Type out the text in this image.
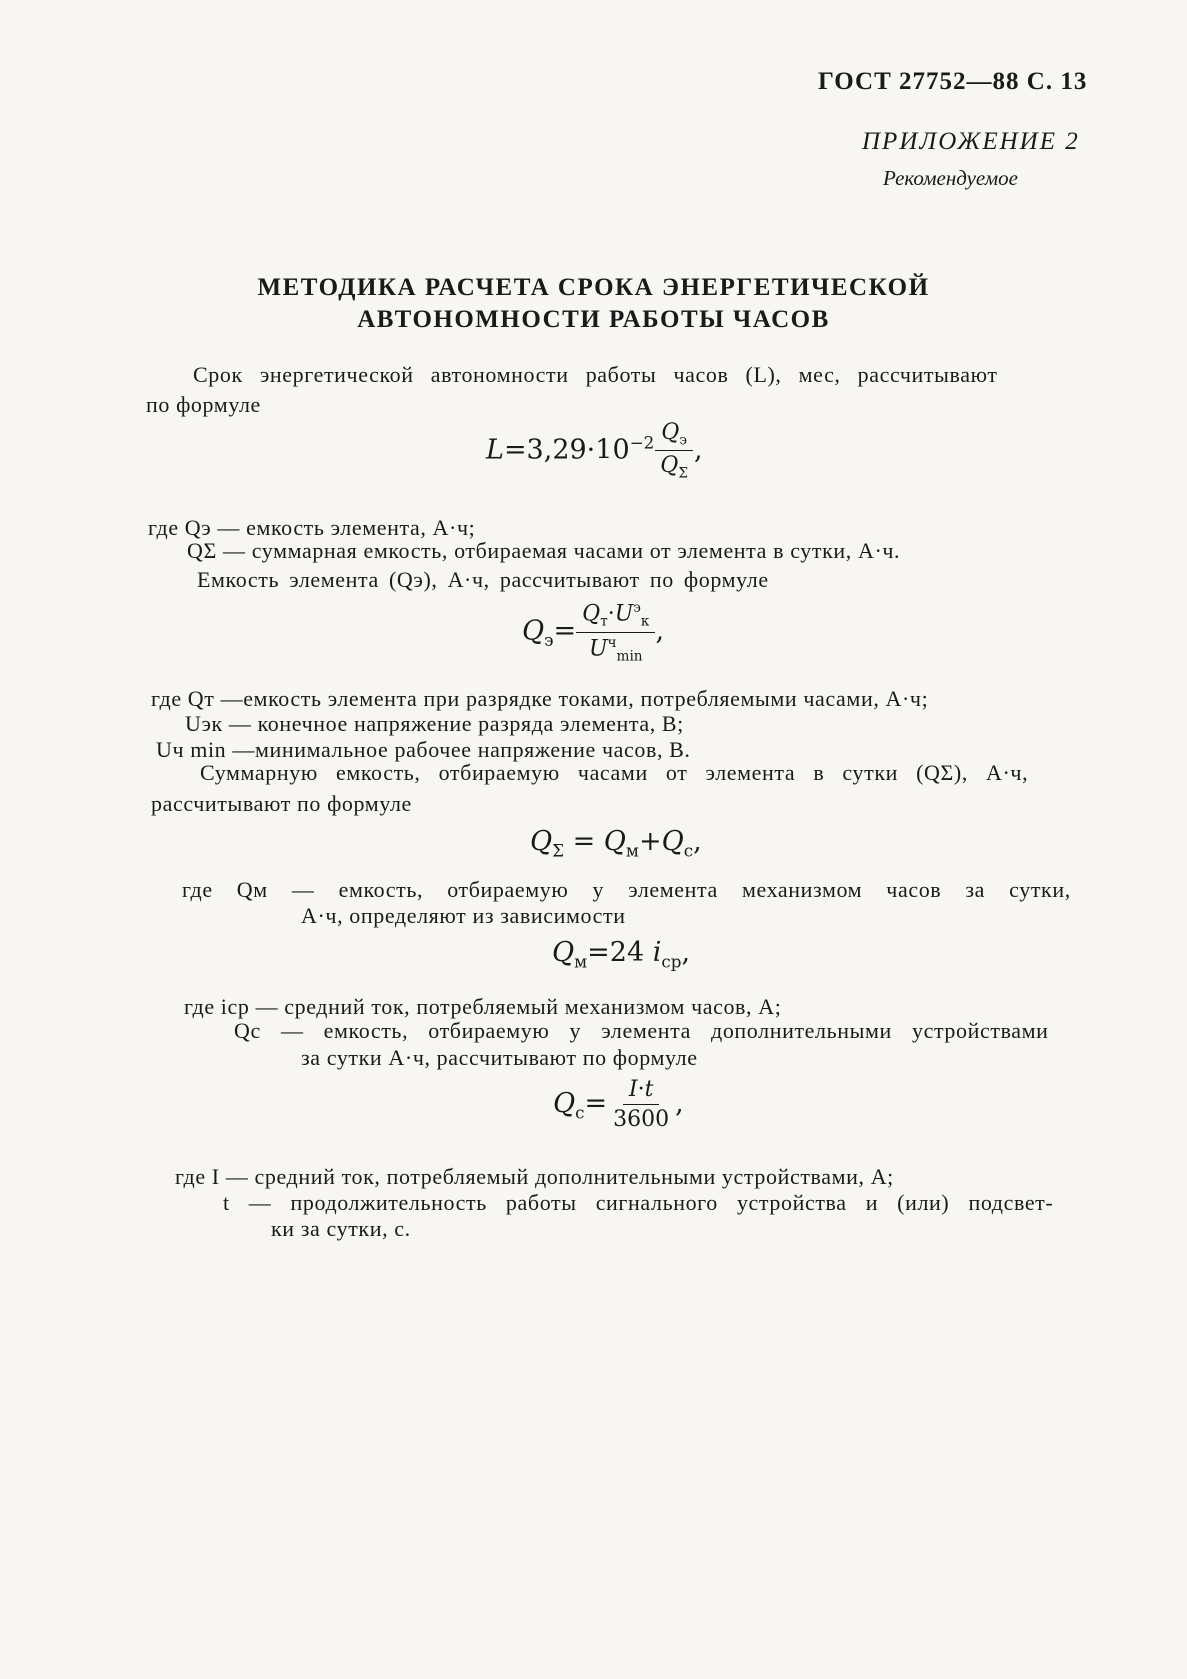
ГОСТ 27752—88 С. 13
ПРИЛОЖЕНИЕ 2
Рекомендуемое
МЕТОДИКА РАСЧЕТА СРОКА ЭНЕРГЕТИЧЕСКОЙ
АВТОНОМНОСТИ РАБОТЫ ЧАСОВ
Срок энергетической автономности работы часов (L), мес, рассчитывают
по формуле
$L=3,29\cdot 10^{-2} \frac{Q_э}{Q_\Sigma}$ ,
где Qэ — емкость элемента, А·ч;
QΣ — суммарная емкость, отбираемая часами от элемента в сутки, А·ч.
Емкость элемента (Qэ), А·ч, рассчитывают по формуле
$Q_э= \frac{Q_т\cdot U^э_к}{U^ч_{min}}$ ,
где Qт —емкость элемента при разрядке токами, потребляемыми часами, А·ч;
Uэк — конечное напряжение разряда элемента, В;
Uч min —минимальное рабочее напряжение часов, В.
Суммарную емкость, отбираемую часами от элемента в сутки (QΣ), А·ч,
рассчитывают по формуле
$Q_\Sigma = Q_м+Q_с$,
где Qм — емкость, отбираемую у элемента механизмом часов за сутки,
А·ч, определяют из зависимости
$Q_м=24$ $i_{ср}$,
где iср — средний ток, потребляемый механизмом часов, А;
Qс — емкость, отбираемую у элемента дополнительными устройствами
за сутки А·ч, рассчитывают по формуле
$Q_с= \frac{I\cdot t}{3600}$ ,
где I — средний ток, потребляемый дополнительными устройствами, А;
t — продолжительность работы сигнального устройства и (или) подсвет-
ки за сутки, с.
